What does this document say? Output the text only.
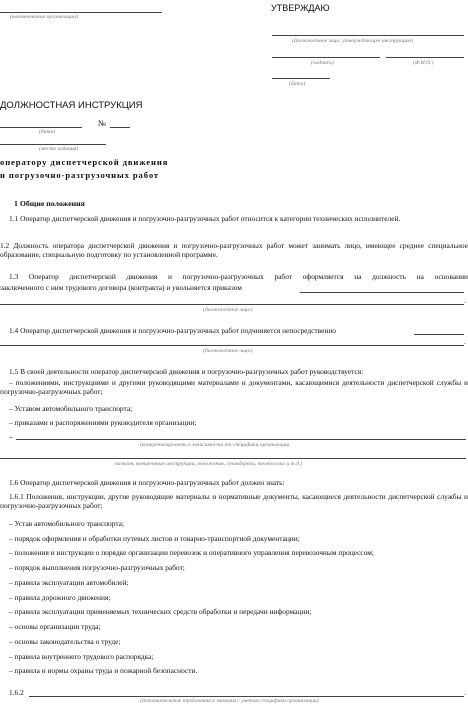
(наименование организации)
УТВЕРЖДАЮ
(должностное лицо, утверждающее инструкцию)
(подпись)	(Ф.И.О.)
(дата)
ДОЛЖНОСТНАЯ ИНСТРУКЦИЯ
№
(дата)
(место издания)
оператору диспетчерской движения
и погрузочно-разгрузочных работ
1 Общие положения
1.1 Оператор диспетчерской движения и погрузочно-разгрузочных работ относится к категории технических исполнителей.
1.2 Должность оператора диспетчерской движения и погрузочно-разгрузочных работ может занимать лицо, имеющее среднее специальное образование, специальную подготовку по установленной программе.
1.3 Оператор диспетчерской движения и погрузочно-разгрузочных работ оформляется на должность на основании
заключенного с ним трудового договора (контракта) и увольняется приказом
.
(должностное лицо)
1.4 Оператор диспетчерской движения и погрузочно-разгрузочных работ подчиняется непосредственно
.
(должностное лицо)
1.5 В своей деятельности оператор диспетчерской движения и погрузочно-разгрузочных работ руководствуется:
– положениями, инструкциями и другими руководящими материалами и документами, касающимися деятельности диспетчерской службы и погрузочно-разгрузочных работ;
– Уставом автомобильного транспорта;
– приказами и распоряжениями руководителя организации;
–
(конкретизировать в зависимости от специфики организации
назвать конкретные инструкции, положения, стандарты, технологии и т.д.)
1.6 Оператор диспетчерской движения и погрузочно-разгрузочных работ должен знать:
1.6.1 Положения, инструкции, другие руководящие материалы и нормативные документы, касающиеся деятельности диспетчерской службы и погрузочно-разгрузочных работ;
– Устав автомобильного транспорта;
– порядок оформления и обработки путевых листов и товарно-транспортной документации;
– положения и инструкции о порядке организации перевозок и оперативного управления перевозочным процессом;
– порядок выполнения погрузочно-разгрузочных работ;
– правила эксплуатации автомобилей;
– правила дорожного движения;
– правила эксплуатации применяемых технических средств обработки и передачи информации;
– основы организации труда;
– основы законодательства о труде;
– правила внутреннего трудового распорядка;
– правила и нормы охраны труда и пожарной безопасности.
1.6.2	.
(дополнительные требования к знаниям с учетом специфики организации)
